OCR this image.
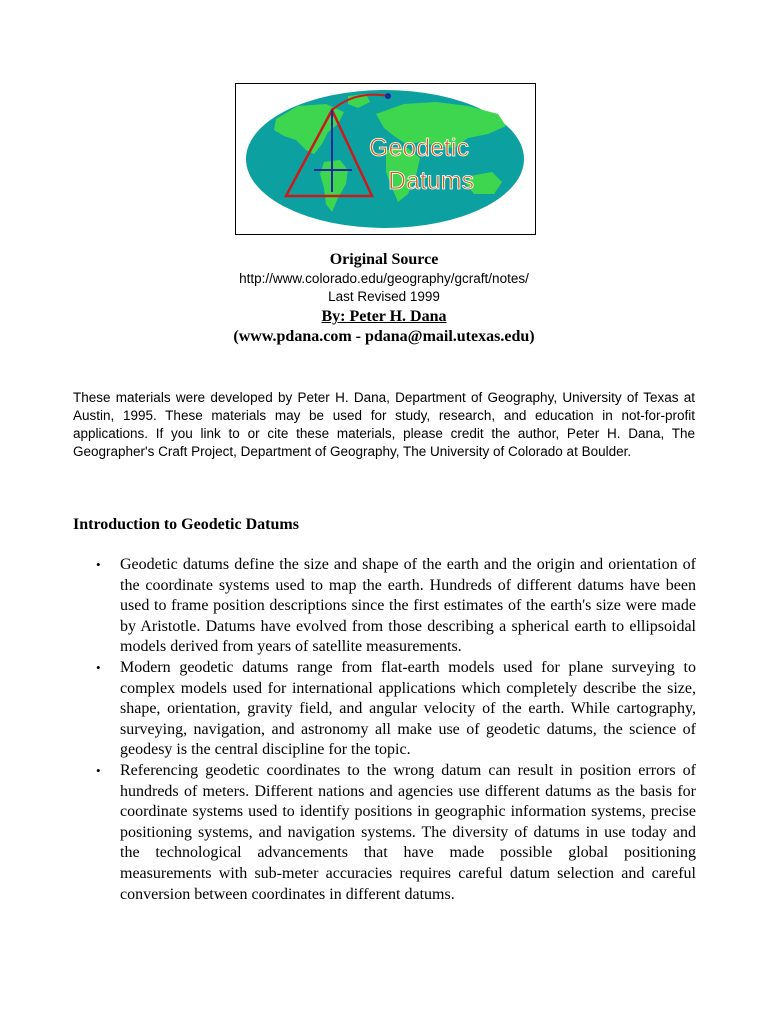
Geodetic
Datums
Original Source
http://www.colorado.edu/geography/gcraft/notes/
Last Revised 1999
By: Peter H. Dana
(www.pdana.com - pdana@mail.utexas.edu)

These materials were developed by Peter H. Dana, Department of Geography, University of Texas at Austin, 1995. These materials may be used for study, research, and education in not-for-profit applications. If you link to or cite these materials, please credit the author, Peter H. Dana, The Geographer's Craft Project, Department of Geography, The University of Colorado at Boulder.

Introduction to Geodetic Datums
• Geodetic datums define the size and shape of the earth and the origin and orientation of the coordinate systems used to map the earth. Hundreds of different datums have been used to frame position descriptions since the first estimates of the earth's size were made by Aristotle. Datums have evolved from those describing a spherical earth to ellipsoidal models derived from years of satellite measurements.
• Modern geodetic datums range from flat-earth models used for plane surveying to complex models used for international applications which completely describe the size, shape, orientation, gravity field, and angular velocity of the earth. While cartography, surveying, navigation, and astronomy all make use of geodetic datums, the science of geodesy is the central discipline for the topic.
• Referencing geodetic coordinates to the wrong datum can result in position errors of hundreds of meters. Different nations and agencies use different datums as the basis for coordinate systems used to identify positions in geographic information systems, precise positioning systems, and navigation systems. The diversity of datums in use today and the technological advancements that have made possible global positioning measurements with sub-meter accuracies requires careful datum selection and careful conversion between coordinates in different datums.
